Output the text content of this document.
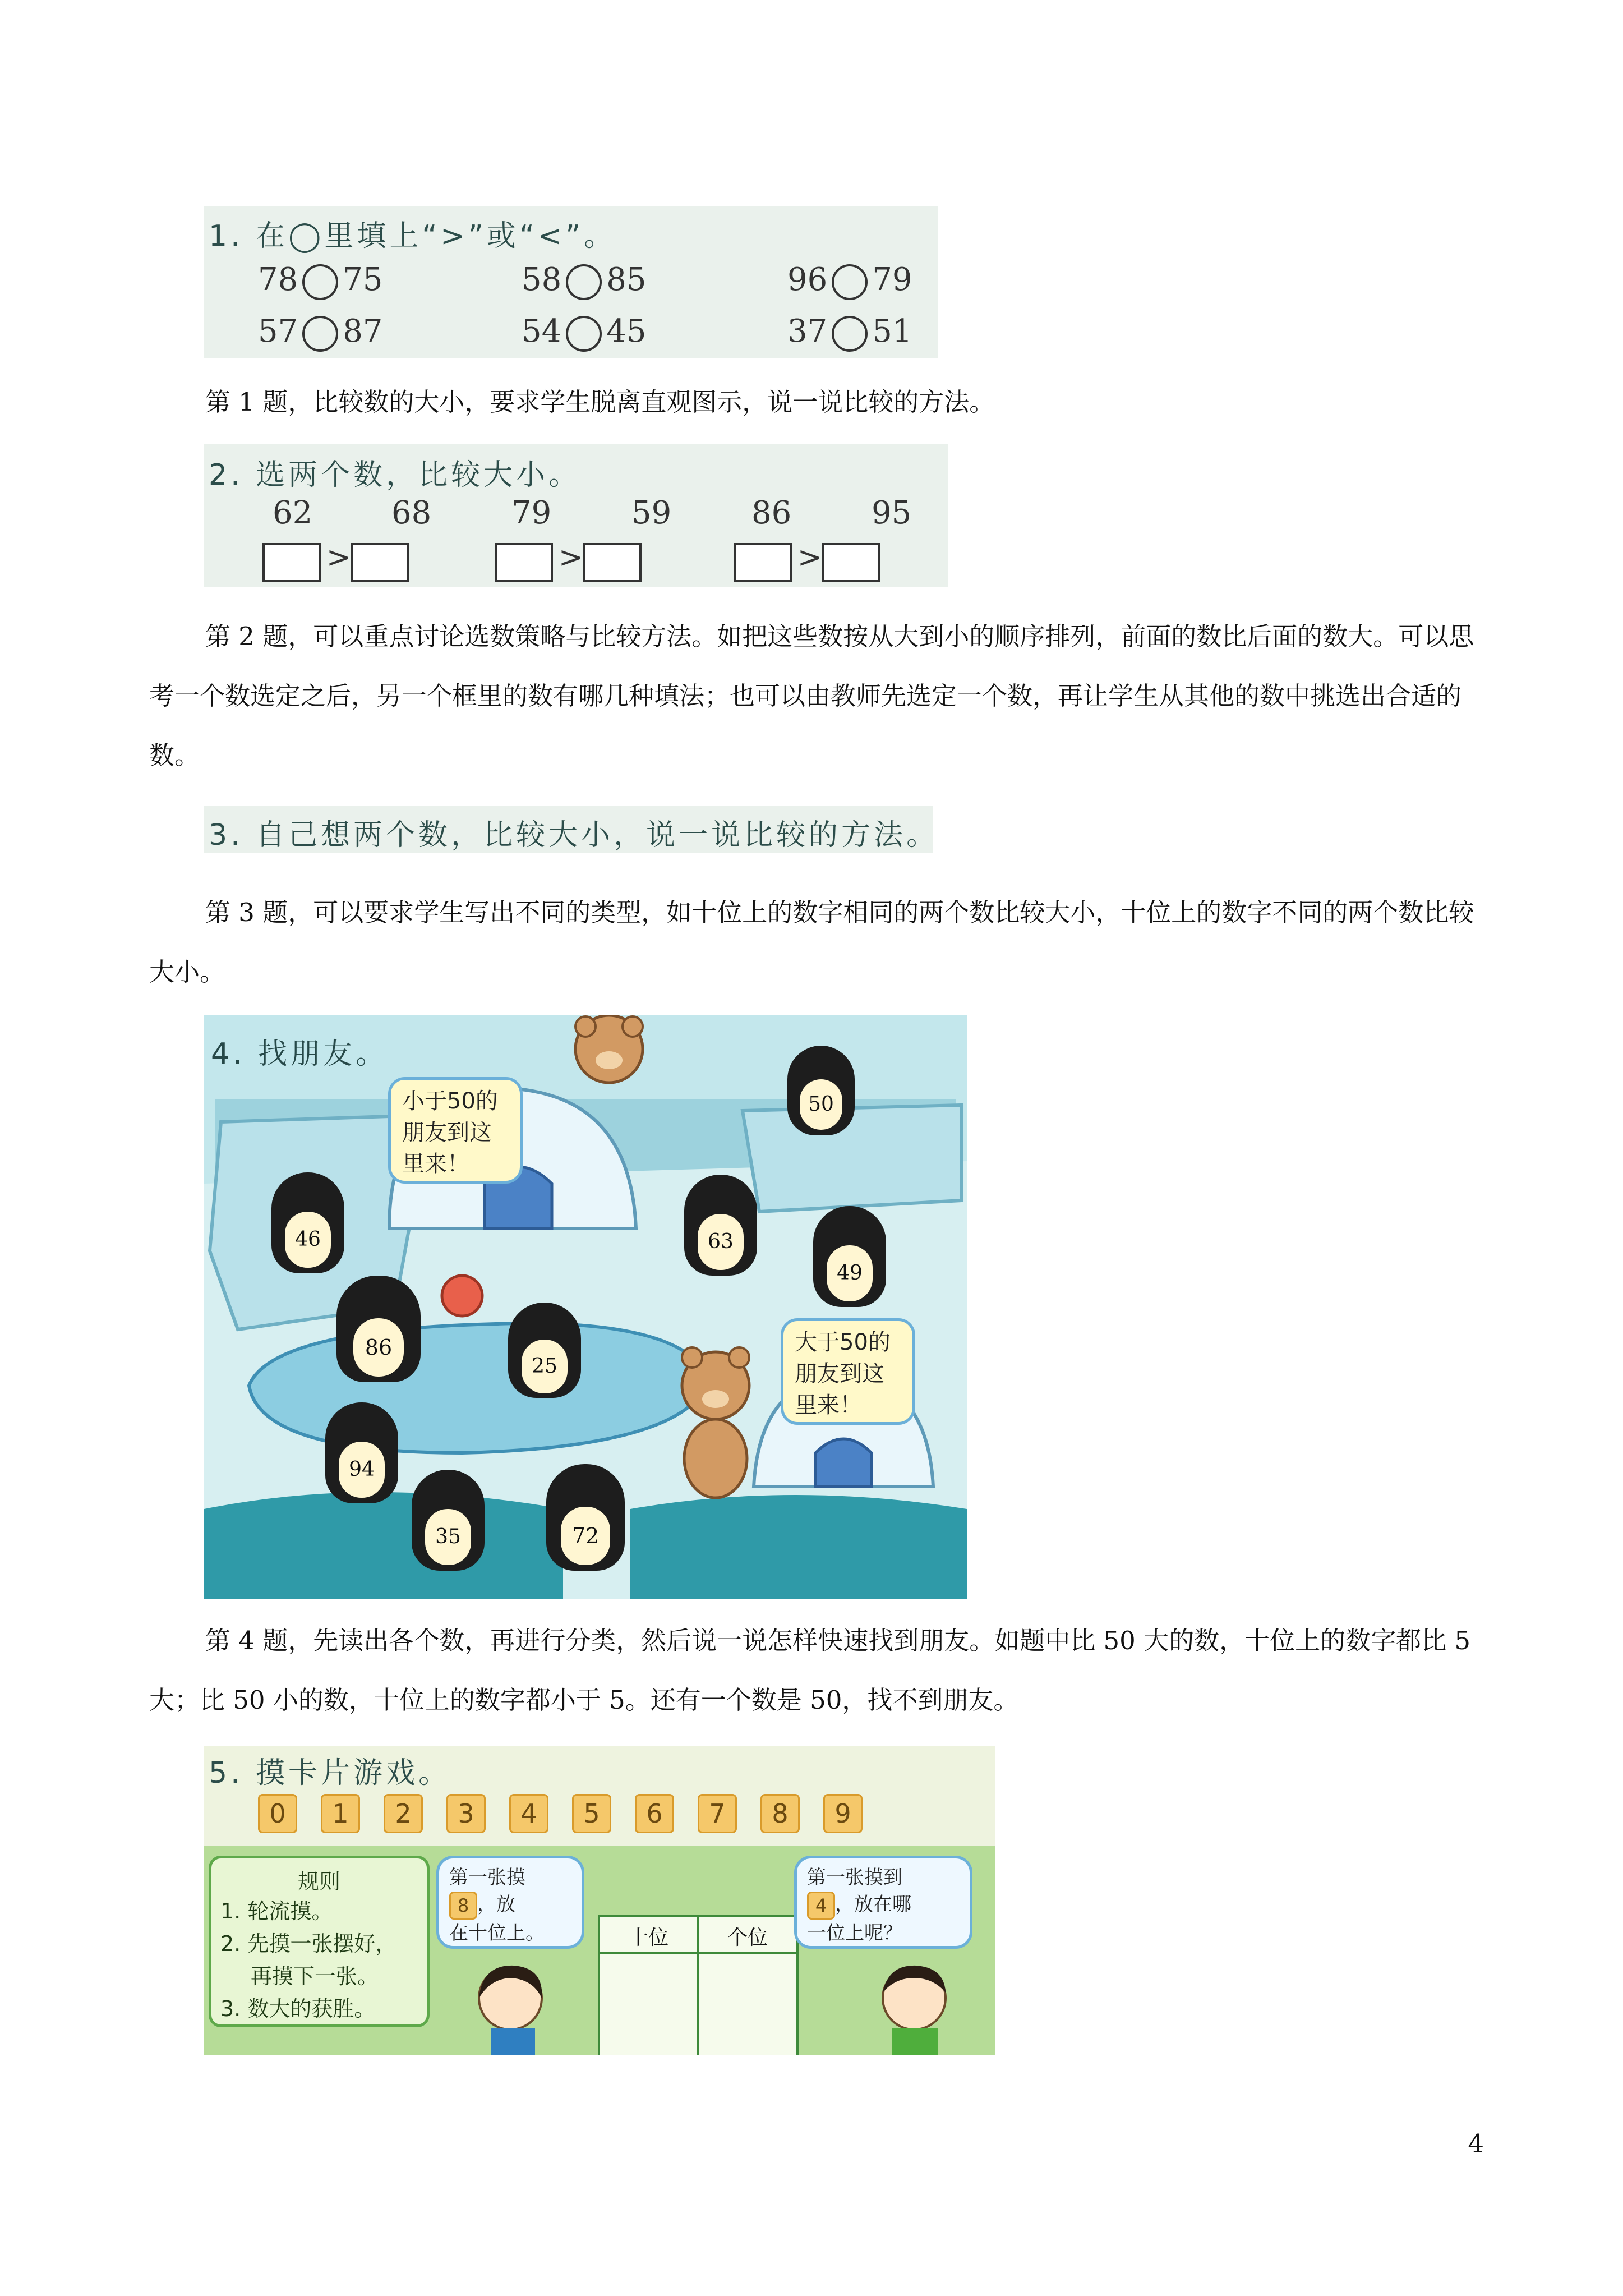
1. 在◯里填上“>”或“<”。
78 75	58 85	96 79
57 87	54 45	37 51
第 1 题，比较数的大小，要求学生脱离直观图示，说一说比较的方法。
2. 选两个数，比较大小。
62	68	79	59	86	95
>	>	>
第 2 题，可以重点讨论选数策略与比较方法。如把这些数按从大到小的顺序排列，前面的数比后面的数大。可以思考一个数选定之后，另一个框里的数有哪几种填法；也可以由教师先选定一个数，再让学生从其他的数中挑选出合适的数。
3. 自己想两个数，比较大小，说一说比较的方法。
第 3 题，可以要求学生写出不同的类型，如十位上的数字相同的两个数比较大小，十位上的数字不同的两个数比较大小。
4. 找朋友。
小于50的朋友到这里来！
大于50的朋友到这里来！
50
46	63
49
86
25
94
35	72
第 4 题，先读出各个数，再进行分类，然后说一说怎样快速找到朋友。如题中比 50 大的数，十位上的数字都比 5 大；比 50 小的数，十位上的数字都小于 5。还有一个数是 50，找不到朋友。
5. 摸卡片游戏。
0	1	2	3	4	5	6	7	8	9
规则
1. 轮流摸。
2. 先摸一张摆好，
再摸下一张。
3. 数大的获胜。
第一张摸
8 ，放
在十位上。	十位	个位
第一张摸到
4 ，放在哪
一位上呢？
4
